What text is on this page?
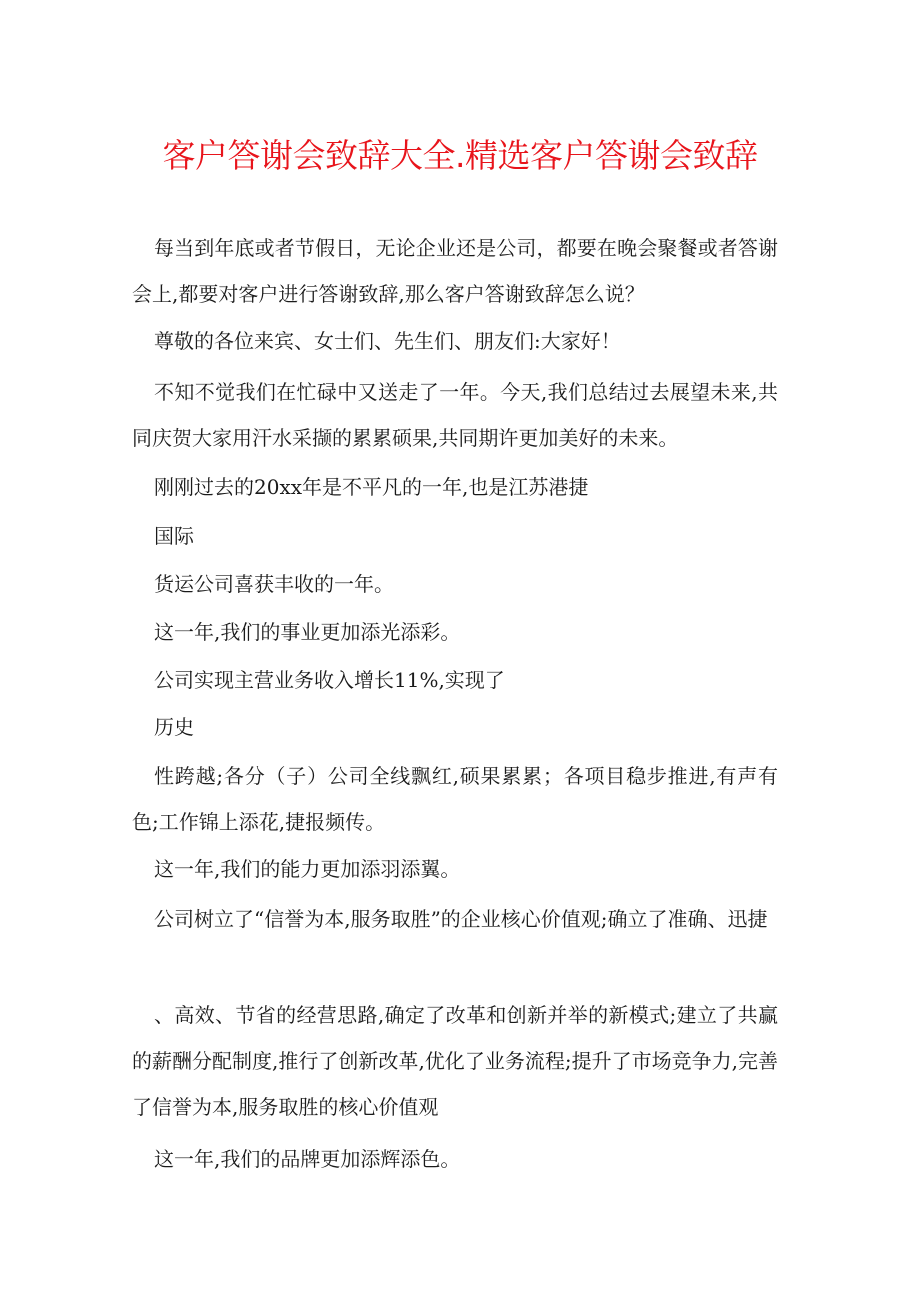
客户答谢会致辞大全.精选客户答谢会致辞
每当到年底或者节假日，无论企业还是公司，都要在晚会聚餐或者答谢会上,都要对客户进行答谢致辞,那么客户答谢致辞怎么说？
尊敬的各位来宾、女士们、先生们、朋友们:大家好！
不知不觉我们在忙碌中又送走了一年。今天,我们总结过去展望未来,共同庆贺大家用汗水采撷的累累硕果,共同期许更加美好的未来。
刚刚过去的20xx年是不平凡的一年,也是江苏港捷
国际
货运公司喜获丰收的一年。
这一年,我们的事业更加添光添彩。
公司实现主营业务收入增长11%,实现了
历史
性跨越;各分（子）公司全线飘红,硕果累累；各项目稳步推进,有声有色;工作锦上添花,捷报频传。
这一年,我们的能力更加添羽添翼。
公司树立了“信誉为本,服务取胜”的企业核心价值观;确立了准确、迅捷
、高效、节省的经营思路,确定了改革和创新并举的新模式;建立了共赢的薪酬分配制度,推行了创新改革,优化了业务流程;提升了市场竞争力,完善了信誉为本,服务取胜的核心价值观
这一年,我们的品牌更加添辉添色。
